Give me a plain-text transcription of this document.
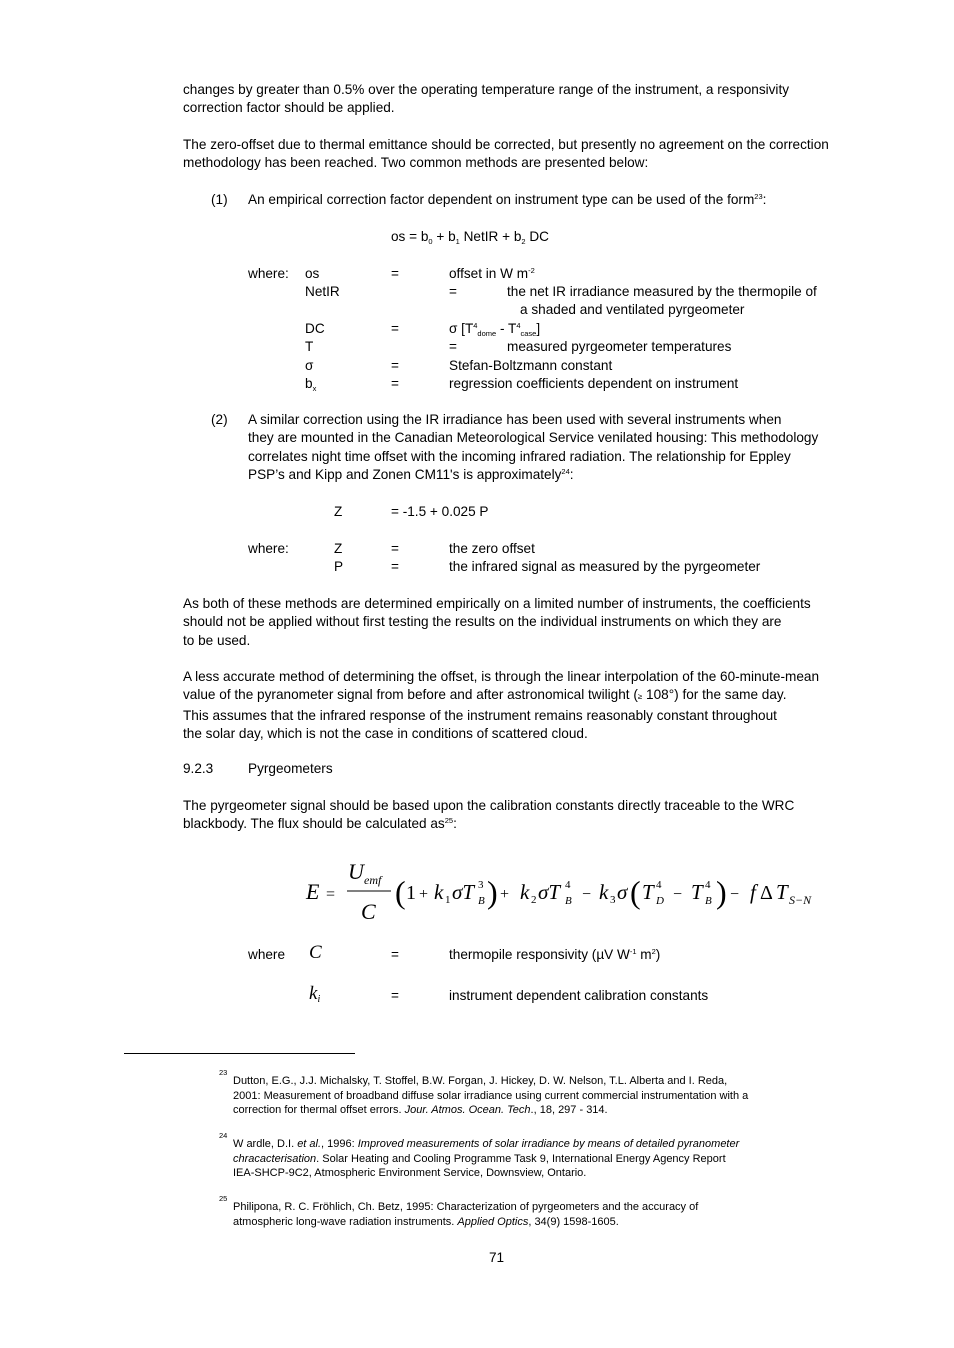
changes by greater than 0.5% over the operating temperature range of the instrument, a responsivity
correction factor should be applied.
The zero-offset due to thermal emittance should be corrected, but presently no agreement on the correction
methodology has been reached. Two common methods are presented below:
(1) An empirical correction factor dependent on instrument type can be used of the form$^{23}$:
os = $b_0 + b_1$ NetIR + $b_2$ DC
where: os	=	offset in W $m^{-2}$
NetIR	=	the net IR irradiance measured by the thermopile of
a shaded and ventilated pyrgeometer
DC	=	σ $[T^4_{dome} - T^4_{case}]$
T	=	measured pyrgeometer temperatures
σ	=	Stefan-Boltzmann constant
$b_x$	=	regression coefficients dependent on instrument
(2) A similar correction using the IR irradiance has been used with several instruments when
they are mounted in the Canadian Meteorological Service venilated housing: This methodology
correlates night time offset with the incoming infrared radiation. The relationship for Eppley
PSP’s and Kipp and Zonen CM11's is approximately$^{24}$:
Z	= -1.5 + 0.025 P
where:	Z	=	the zero offset
P	=	the infrared signal as measured by the pyrgeometer
As both of these methods are determined empirically on a limited number of instruments, the coefficients
should not be applied without first testing the results on the individual instruments on which they are
to be used.
A less accurate method of determining the offset, is through the linear interpolation of the 60-minute-mean
value of the pyranometer signal from before and after astronomical twilight (≥ 108°) for the same day.
This assumes that the infrared response of the instrument remains reasonably constant throughout
the solar day, which is not the case in conditions of scattered cloud.
9.2.3	Pyrgeometers
The pyrgeometer signal should be based upon the calibration constants directly traceable to the WRC
blackbody. The flux should be calculated $as^{25}$:
E =
U emf
C
( 1 + k 1 σT 3
B ) + k 2 σT 4
B − k 3 σ ( T 4
D − T 4
B ) − f Δ T S−N
where C	=	thermopile responsivity (µV $W^{-1}$ $m^2$)
$k_i$	=	instrument dependent calibration constants
23
Dutton, E.G., J.J. Michalsky, T. Stoffel, B.W. Forgan, J. Hickey, D. W. Nelson, T.L. Alberta and I. Reda,
2001: Measurement of broadband diffuse solar irradiance using current commercial instrumentation with a
correction for thermal offset errors. Jour. Atmos. Ocean. Tech., 18, 297 - 314.
24
W ardle, D.I. et al., 1996: Improved measurements of solar irradiance by means of detailed pyranometer
chracacterisation. Solar Heating and Cooling Programme Task 9, International Energy Agency Report
IEA-SHCP-9C2, Atmospheric Environment Service, Downsview, Ontario.
25
Philipona, R. C. Fröhlich, Ch. Betz, 1995: Characterization of pyrgeometers and the accuracy of
atmospheric long-wave radiation instruments. Applied Optics, 34(9) 1598-1605.
71
